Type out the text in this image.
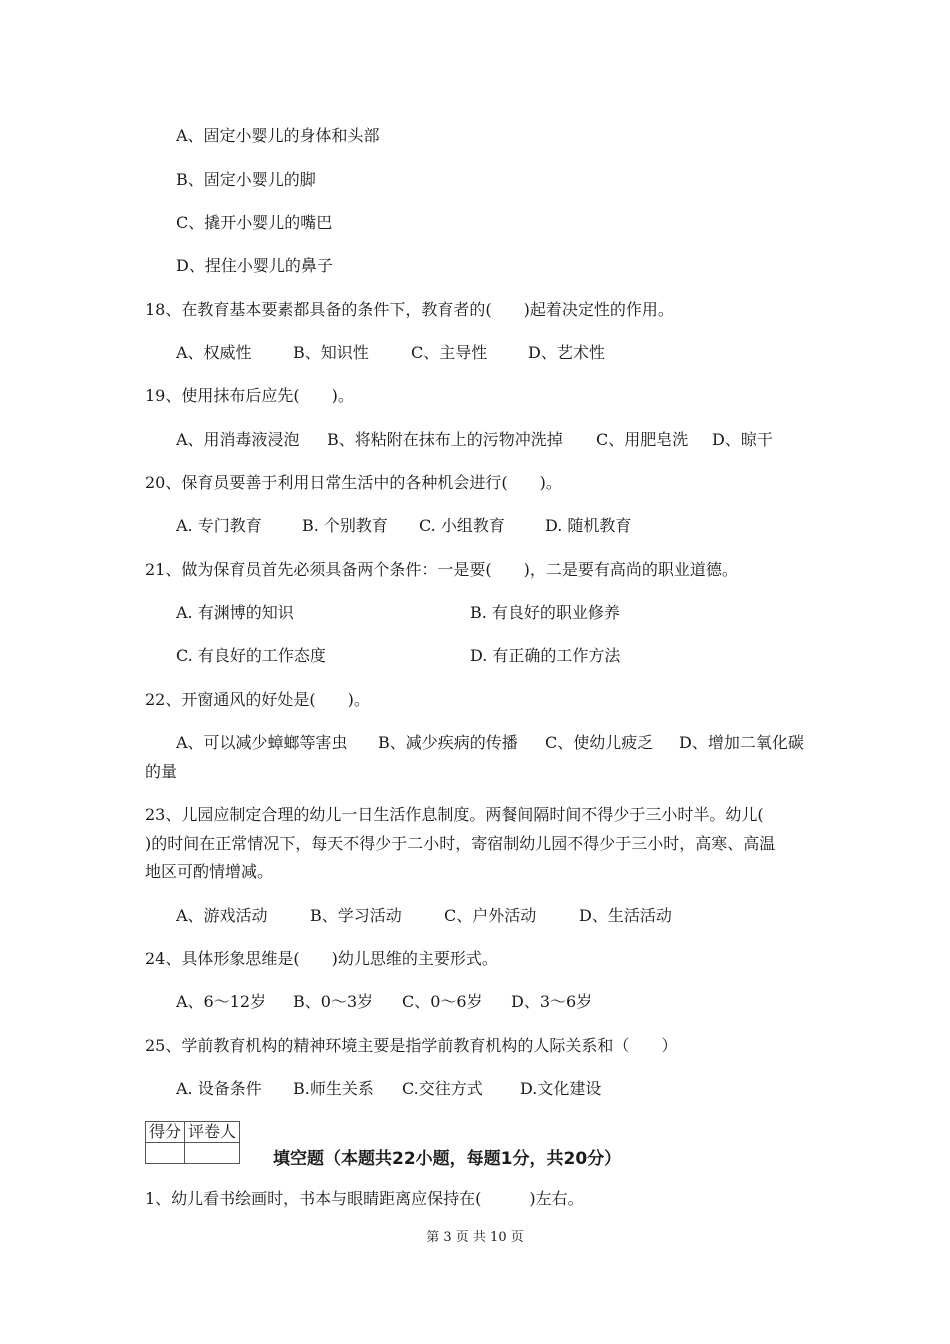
A、固定小婴儿的身体和头部
B、固定小婴儿的脚
C、撬开小婴儿的嘴巴
D、捏住小婴儿的鼻子
18、在教育基本要素都具备的条件下，教育者的(　　)起着决定性的作用。
A、权威性	B、知识性	C、主导性	D、艺术性
19、使用抹布后应先(　　)。
A、用消毒液浸泡 B、将粘附在抹布上的污物冲洗掉 C、用肥皂洗 D、晾干
20、保育员要善于利用日常生活中的各种机会进行(　　)。
A. 专门教育	B. 个别教育 C. 小组教育	D. 随机教育
21、做为保育员首先必须具备两个条件：一是要(　　)，二是要有高尚的职业道德。
A. 有渊博的知识	B. 有良好的职业修养
C. 有良好的工作态度	D. 有正确的工作方法
22、开窗通风的好处是(　　)。
A、可以减少蟑螂等害虫 B、减少疾病的传播 C、使幼儿疲乏 D、增加二氧化碳
的量
23、儿园应制定合理的幼儿一日生活作息制度。两餐间隔时间不得少于三小时半。幼儿(
)的时间在正常情况下，每天不得少于二小时，寄宿制幼儿园不得少于三小时，高寒、高温
地区可酌情增减。
A、游戏活动	B、学习活动	C、户外活动	D、生活活动
24、具体形象思维是(　　)幼儿思维的主要形式。
A、6～12岁 B、0～3岁 C、0～6岁 D、3～6岁
25、学前教育机构的精神环境主要是指学前教育机构的人际关系和（　　）
A. 设备条件 B.师生关系 C.交往方式 D.文化建设
得分	评卷人

填空题（本题共22小题，每题1分，共20分）
1、幼儿看书绘画时，书本与眼睛距离应保持在(　　　)左右。
第 3 页 共 10 页
